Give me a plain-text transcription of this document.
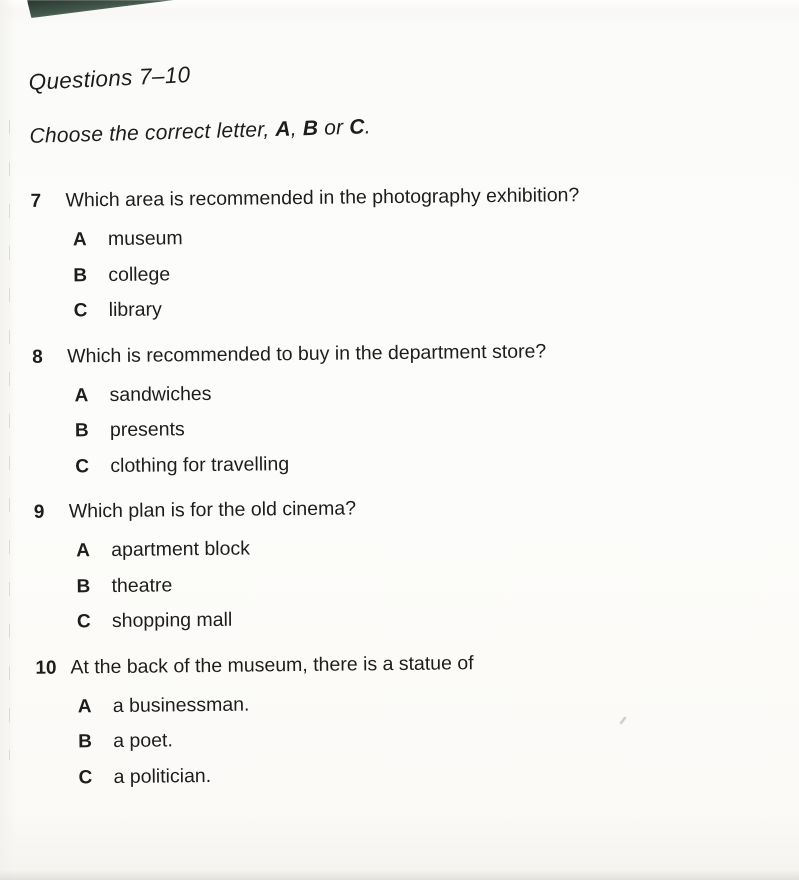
Questions 7–10
Choose the correct letter, A, B or C.
7	Which area is recommended in the photography exhibition?
A	museum
B	college
C	library
8	Which is recommended to buy in the department store?
A	sandwiches
B	presents
C	clothing for travelling
9	Which plan is for the old cinema?
A	apartment block
B	theatre
C	shopping mall
10 At the back of the museum, there is a statue of
A	a businessman.
B	a poet.
C	a politician.
